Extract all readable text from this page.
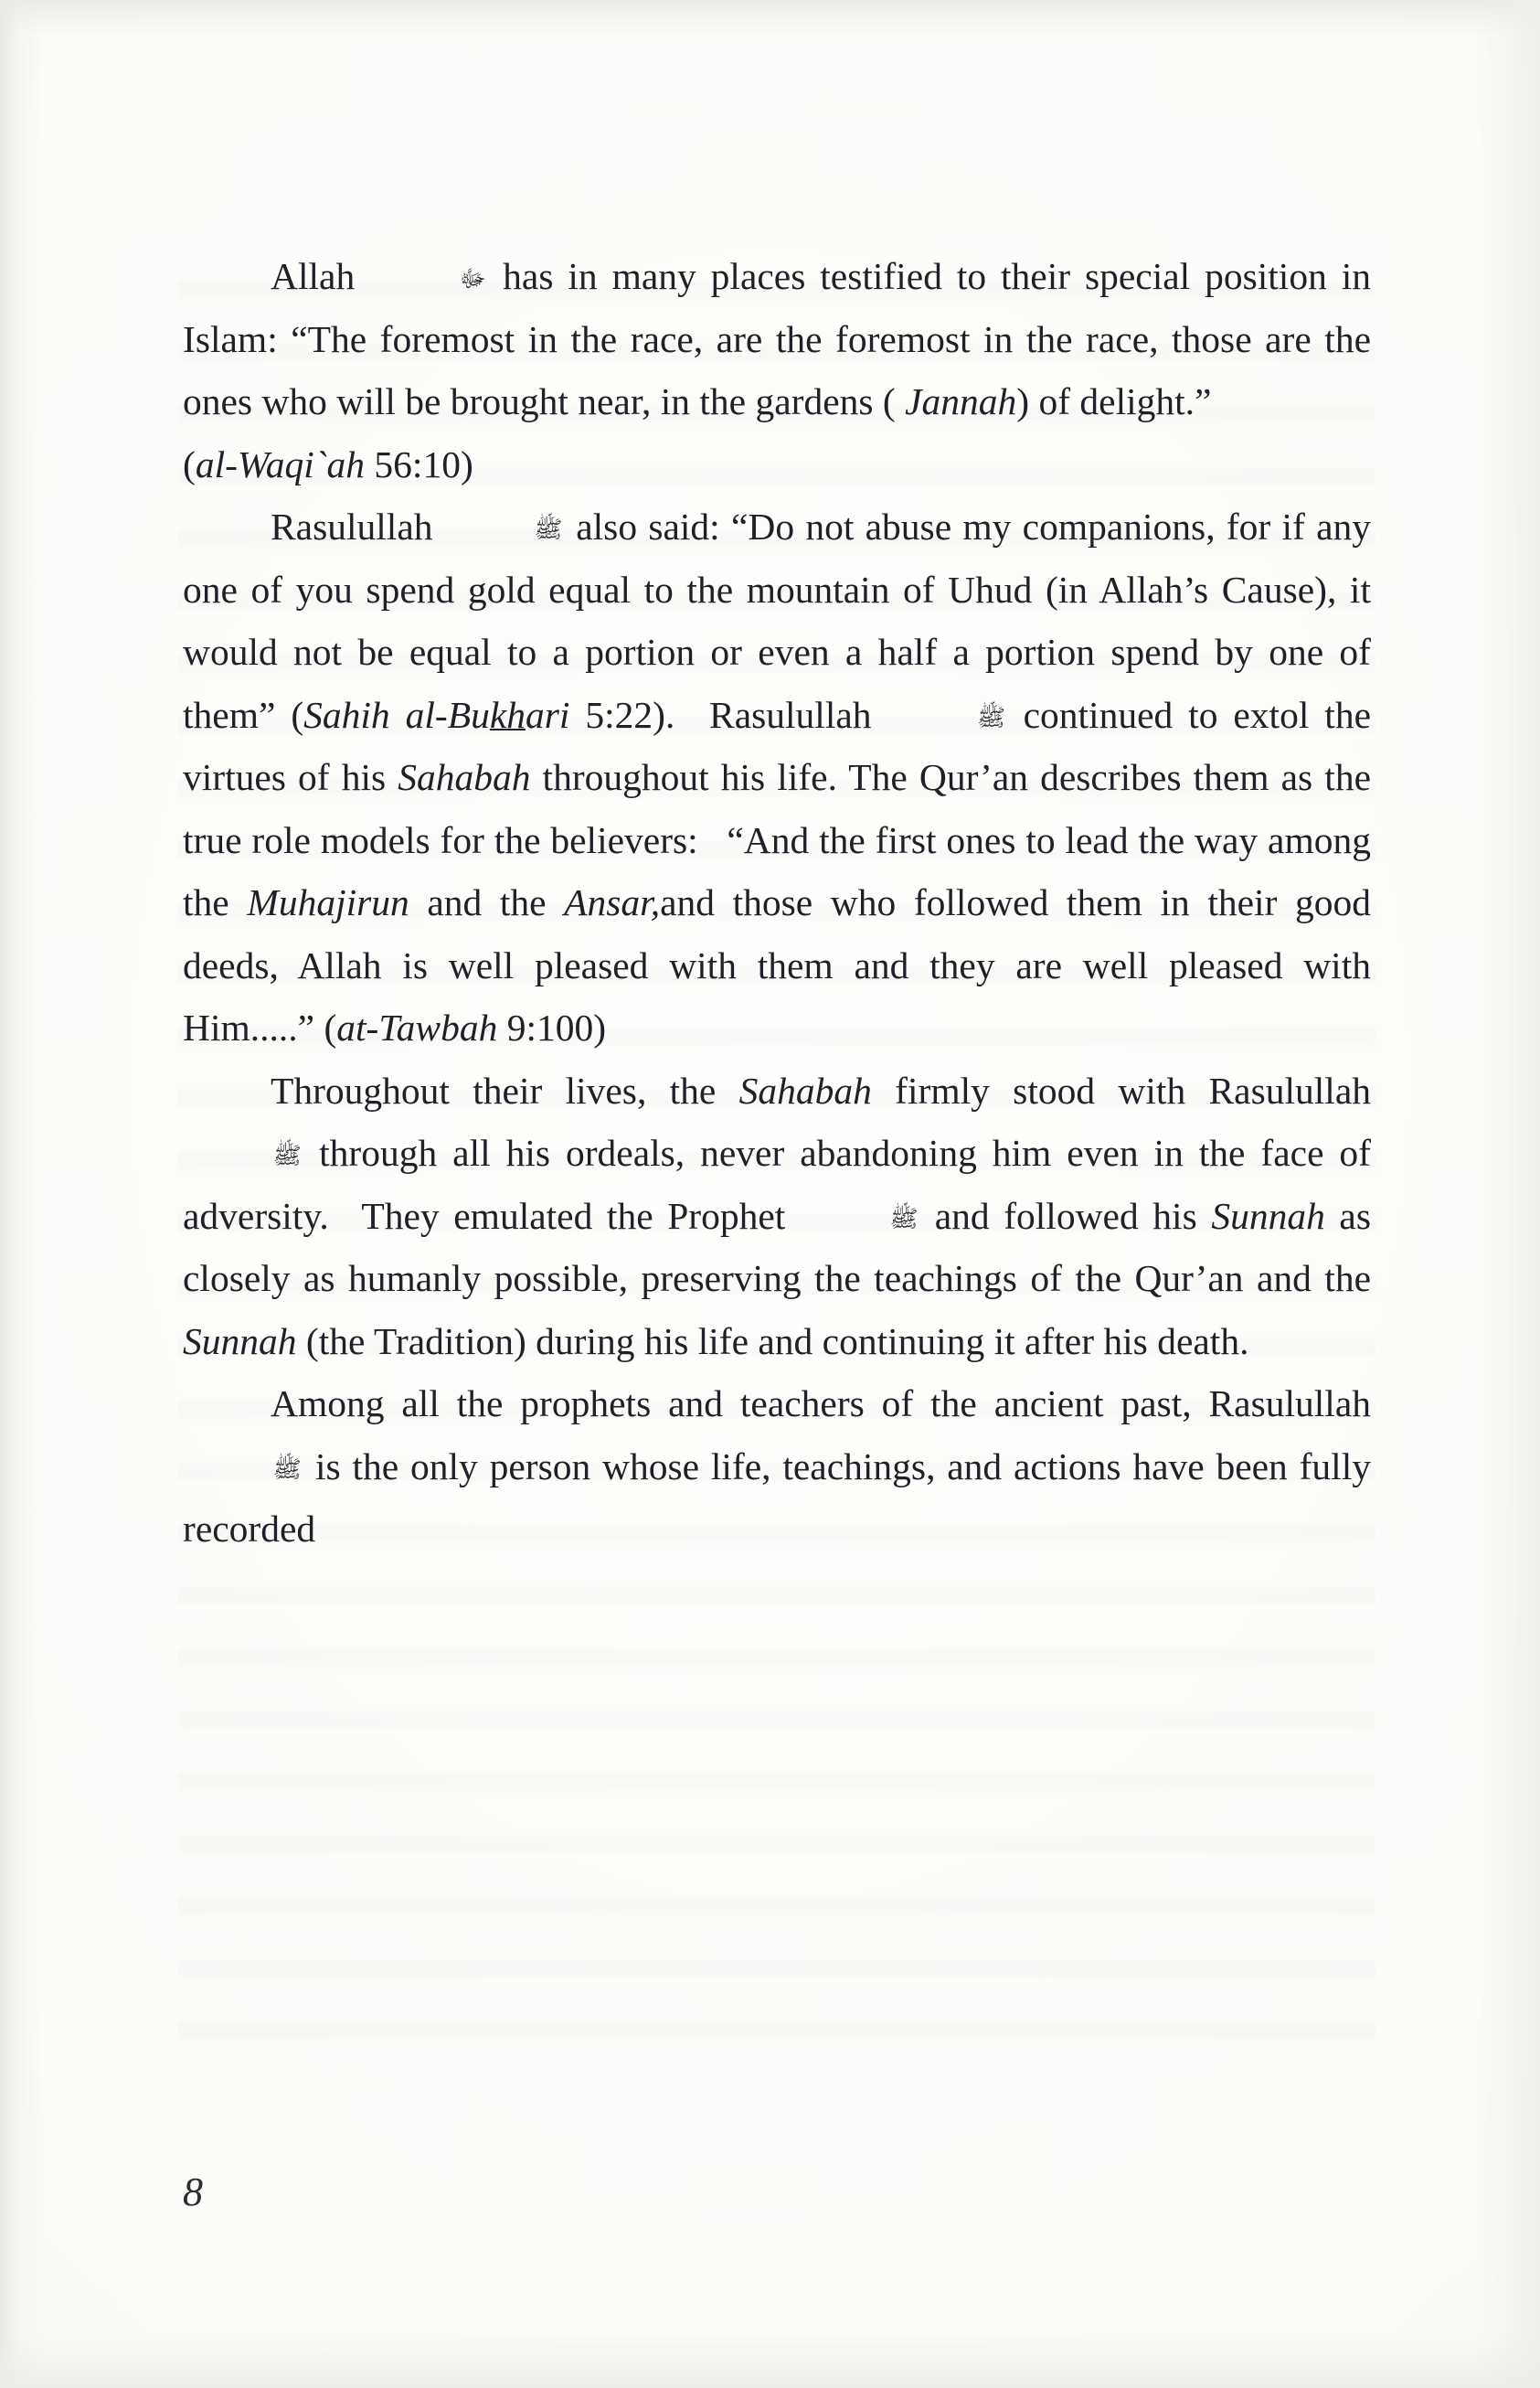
Allah	ﷻ has in many places testified to their special position in Islam: “The foremost in the race, are the foremost in the race, those are the ones who will be brought near, in the gardens ( Jannah) of delight.”

(al-Waqi`ah 56:10)

Rasulullah	ﷺ also said: “Do not abuse my companions, for if any one of you spend gold equal to the mountain of Uhud (in Allah’s Cause), it would not be equal to a portion or even a half a portion spend by one of them” (Sahih al-Bukhari 5:22).  Rasulullah	ﷺ continued to extol the virtues of his Sahabah throughout his life. The Qur’an describes them as the true role models for the believers:  “And the first ones to lead the way among the Muhajirun and the Ansar,and those who followed them in their good deeds, Allah is well pleased with them and they are well pleased with Him.....” (at-Tawbah 9:100)

Throughout their lives, the Sahabah firmly stood with Rasulullah ﷺ through all his ordeals, never abandoning him even in the face of adversity.  They emulated the Prophet	ﷺ and followed his Sunnah as closely as humanly possible, preserving the teachings of the Qur’an and the Sunnah (the Tradition) during his life and continuing it after his death.

Among all the prophets and teachers of the ancient past, Rasulullah ﷺ is the only person whose life, teachings, and actions have been fully recorded

8
